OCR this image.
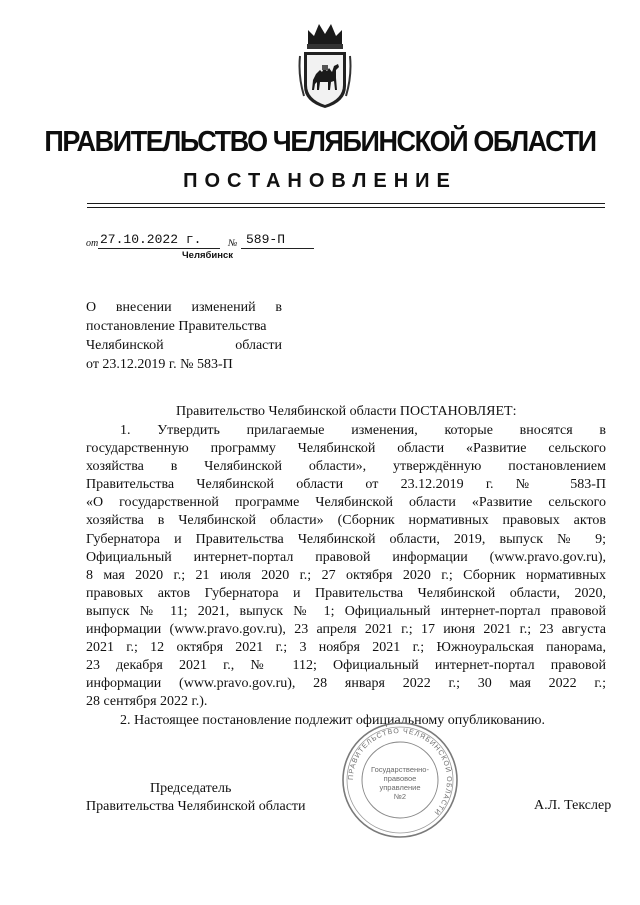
ПРАВИТЕЛЬСТВО ЧЕЛЯБИНСКОЙ ОБЛАСТИ
ПОСТАНОВЛЕНИЕ
от 27.10.2022 г.	№ 589-П
Челябинск
О внесении изменений в
постановление Правительства
Челябинской области
от 23.12.2019 г. № 583-П
Правительство Челябинской области ПОСТАНОВЛЯЕТ:
1. Утвердить прилагаемые изменения, которые вносятся в
государственную программу Челябинской области «Развитие сельского
хозяйства в Челябинской области», утверждённую постановлением
Правительства Челябинской области от 23.12.2019 г. № 583-П
«О государственной программе Челябинской области «Развитие сельского
хозяйства в Челябинской области» (Сборник нормативных правовых актов
Губернатора и Правительства Челябинской области, 2019, выпуск № 9;
Официальный интернет-портал правовой информации (www.pravo.gov.ru),
8 мая 2020 г.; 21 июля 2020 г.; 27 октября 2020 г.; Сборник нормативных
правовых актов Губернатора и Правительства Челябинской области, 2020,
выпуск № 11; 2021, выпуск № 1; Официальный интернет-портал правовой
информации (www.pravo.gov.ru), 23 апреля 2021 г.; 17 июня 2021 г.; 23 августа
2021 г.; 12 октября 2021 г.; 3 ноября 2021 г.; Южноуральская панорама,
23 декабря 2021 г., № 112; Официальный интернет-портал правовой
информации (www.pravo.gov.ru), 28 января 2022 г.; 30 мая 2022 г.;
28 сентября 2022 г.).
2. Настоящее постановление подлежит официальному опубликованию.
Председатель
Правительства Челябинской области
ПРАВИТЕЛЬСТВО ЧЕЛЯБИНСКОЙ ОБЛАСТИ
Государственно-
правовое
управление
№2
А.Л. Текслер
